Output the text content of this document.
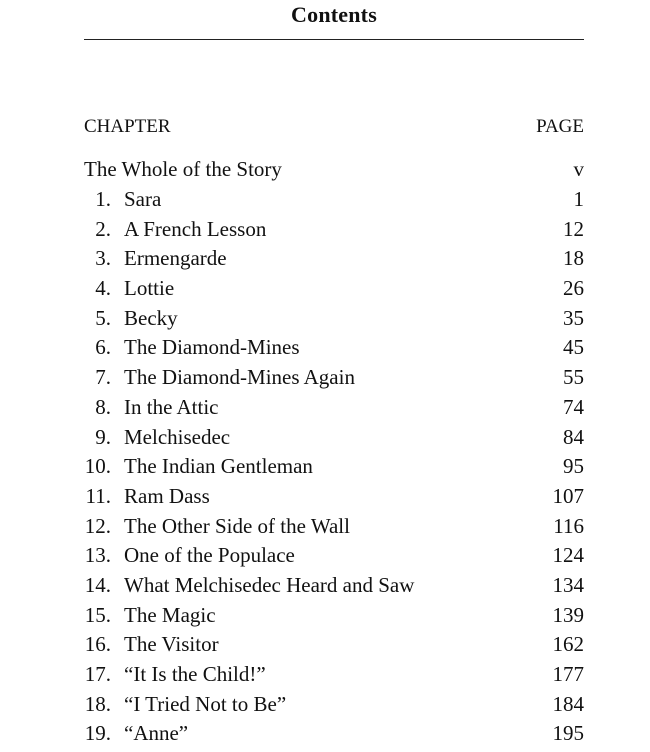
Contents
CHAPTER	PAGE
The Whole of the Story	v
1. Sara	1
2. A French Lesson	12
3. Ermengarde	18
4. Lottie	26
5. Becky	35
6. The Diamond-Mines	45
7. The Diamond-Mines Again	55
8. In the Attic	74
9. Melchisedec	84
10. The Indian Gentleman	95
11. Ram Dass	107
12. The Other Side of the Wall	116
13. One of the Populace	124
14. What Melchisedec Heard and Saw	134
15. The Magic	139
16. The Visitor	162
17. “It Is the Child!”	177
18. “I Tried Not to Be”	184
19. “Anne”	195
